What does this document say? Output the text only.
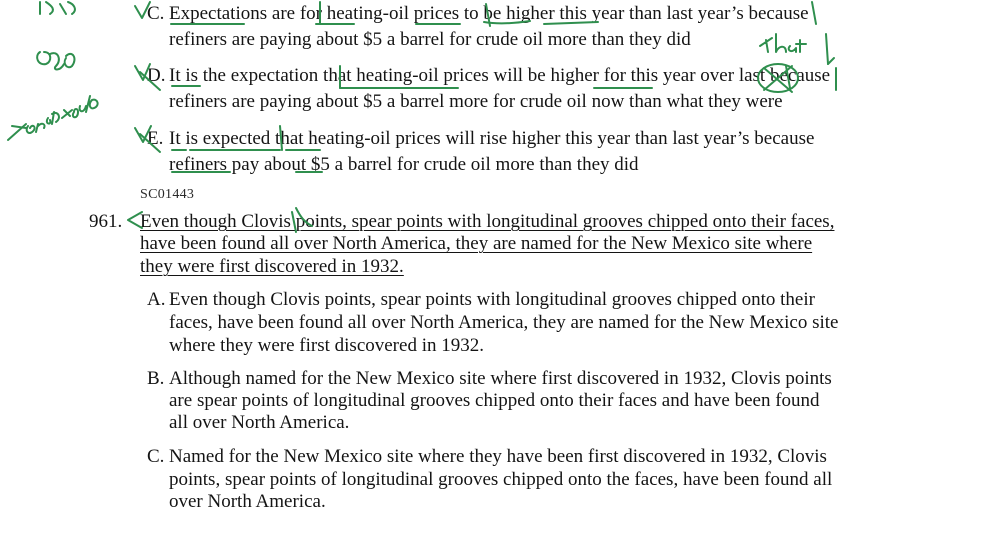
C. Expectations are for heating-oil prices to be higher this year than last year’s because
refiners are paying about $5 a barrel for crude oil more than they did
D. It is the expectation that heating-oil prices will be higher for this year over last because
refiners are paying about $5 a barrel more for crude oil now than what they were
E. It is expected that heating-oil prices will rise higher this year than last year’s because
refiners pay about $5 a barrel for crude oil more than they did
SC01443
961. Even though Clovis points, spear points with longitudinal grooves chipped onto their faces,
have been found all over North America, they are named for the New Mexico site where
they were first discovered in 1932.
A. Even though Clovis points, spear points with longitudinal grooves chipped onto their
faces, have been found all over North America, they are named for the New Mexico site
where they were first discovered in 1932.
B. Although named for the New Mexico site where first discovered in 1932, Clovis points
are spear points of longitudinal grooves chipped onto their faces and have been found
all over North America.
C. Named for the New Mexico site where they have been first discovered in 1932, Clovis
points, spear points of longitudinal grooves chipped onto the faces, have been found all
over North America.
